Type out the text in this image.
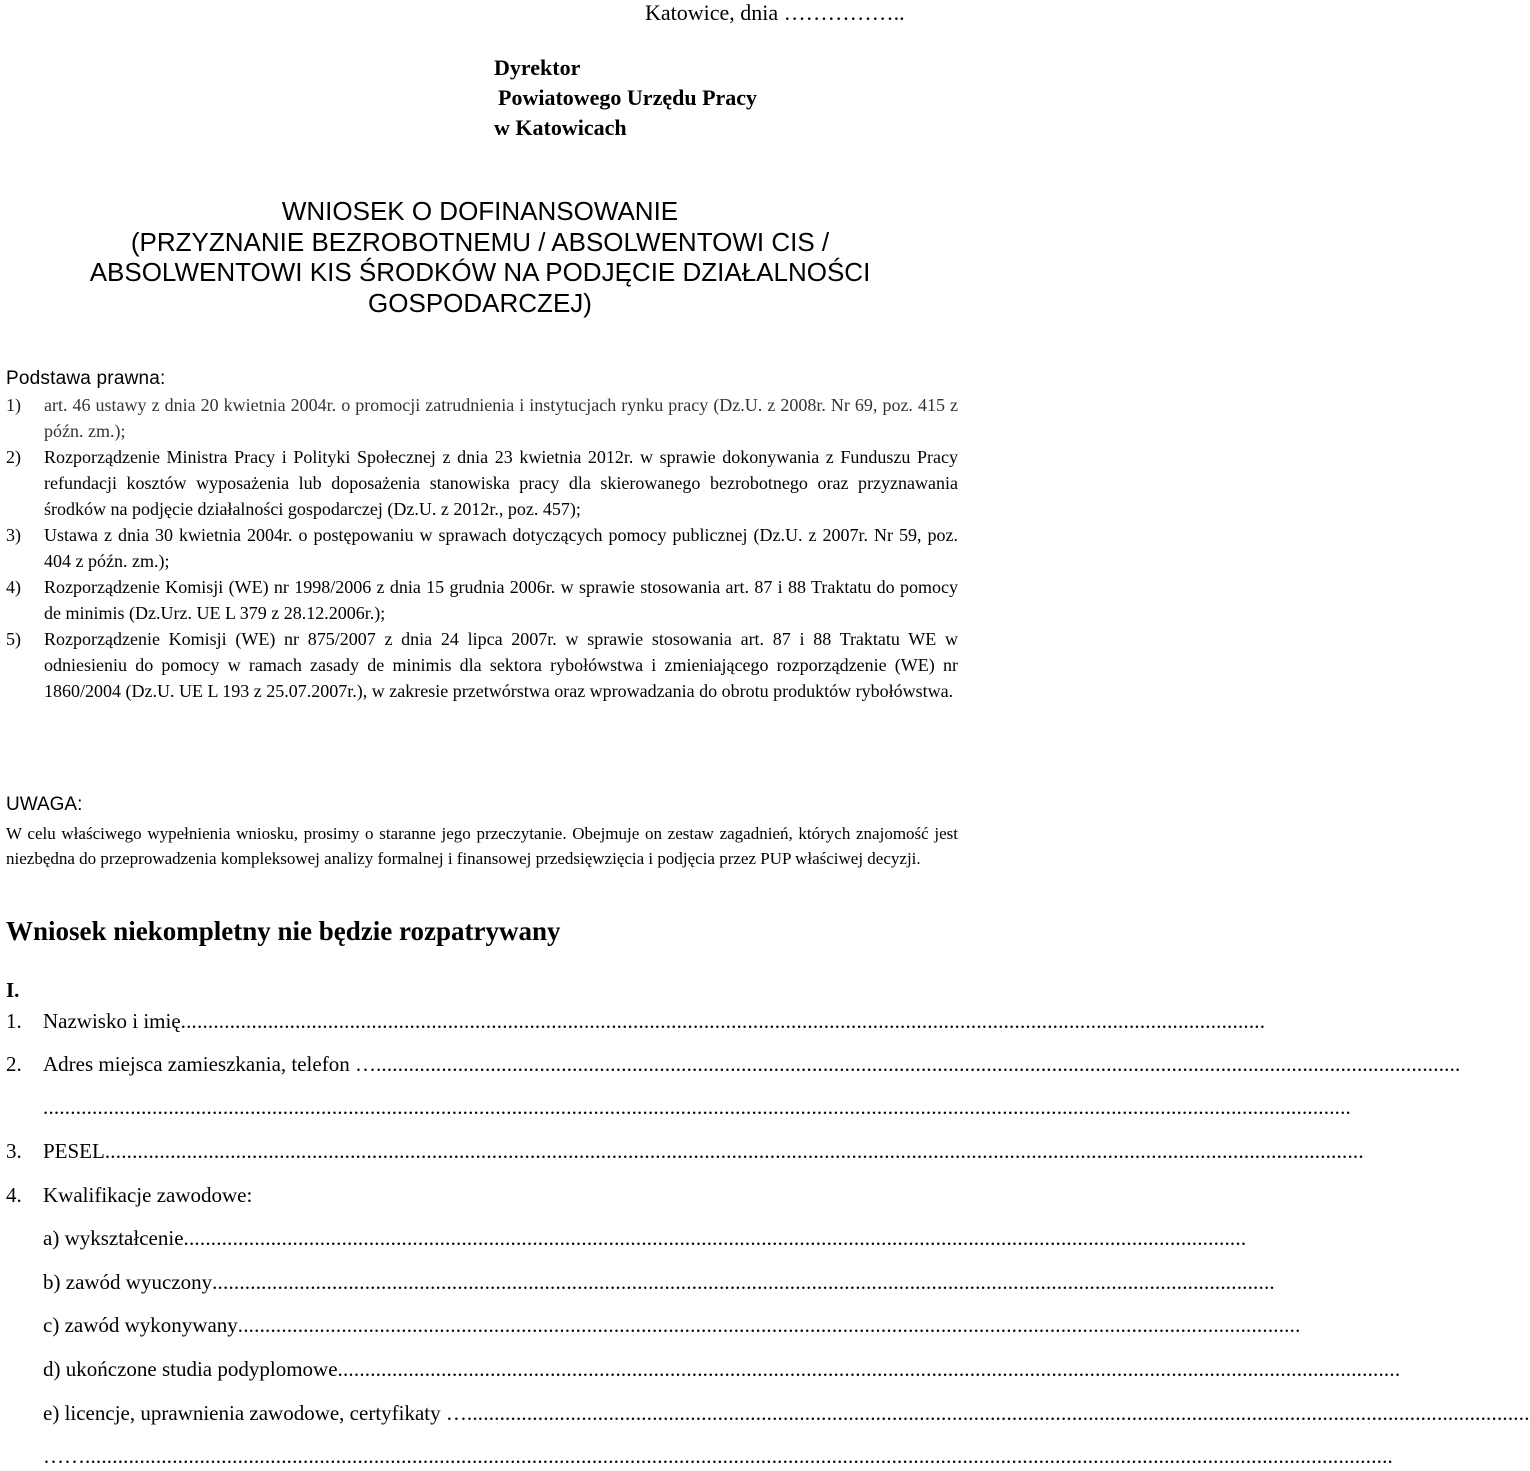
Katowice, dnia ……………..
Dyrektor
Powiatowego Urzędu Pracy
w Katowicach
WNIOSEK O DOFINANSOWANIE
(PRZYZNANIE BEZROBOTNEMU / ABSOLWENTOWI CIS /
ABSOLWENTOWI KIS ŚRODKÓW NA PODJĘCIE DZIAŁALNOŚCI
GOSPODARCZEJ)
Podstawa prawna:
1) art. 46 ustawy z dnia 20 kwietnia 2004r. o promocji zatrudnienia i instytucjach rynku pracy (Dz.U. z 2008r. Nr 69, poz. 415 z późn. zm.);
2) Rozporządzenie Ministra Pracy i Polityki Społecznej z dnia 23 kwietnia 2012r. w sprawie dokonywania z Funduszu Pracy refundacji kosztów wyposażenia lub doposażenia stanowiska pracy dla skierowanego bezrobotnego oraz przyznawania środków na podjęcie działalności gospodarczej (Dz.U. z 2012r., poz. 457);
3) Ustawa z dnia 30 kwietnia 2004r. o postępowaniu w sprawach dotyczących pomocy publicznej (Dz.U. z 2007r. Nr 59, poz. 404 z późn. zm.);
4) Rozporządzenie Komisji (WE) nr 1998/2006 z dnia 15 grudnia 2006r. w sprawie stosowania art. 87 i 88 Traktatu do pomocy de minimis (Dz.Urz. UE L 379 z 28.12.2006r.);
5) Rozporządzenie Komisji (WE) nr 875/2007 z dnia 24 lipca 2007r. w sprawie stosowania art. 87 i 88 Traktatu WE w odniesieniu do pomocy w ramach zasady de minimis dla sektora rybołówstwa i zmieniającego rozporządzenie (WE) nr 1860/2004 (Dz.U. UE L 193 z 25.07.2007r.), w zakresie przetwórstwa oraz wprowadzania do obrotu produktów rybołówstwa.
UWAGA:
W celu właściwego wypełnienia wniosku, prosimy o staranne jego przeczytanie. Obejmuje on zestaw zagadnień, których znajomość jest niezbędna do przeprowadzenia kompleksowej analizy formalnej i finansowej przedsięwzięcia i podjęcia przez PUP właściwej decyzji.
Wniosek niekompletny nie będzie rozpatrywany
I.
1.	Nazwisko i imię .......................................................................................................................................................................................................
2.	Adres miejsca zamieszkania, telefon … .......................................................................................................................................................................................................
................................................................................................................................................................................................................................................
3.	PESEL .......................................................................................................................................................................................................................................
4.	Kwalifikacje zawodowe:
a) wykształcenie ...................................................................................................................................................................................................
b) zawód wyuczony ...................................................................................................................................................................................................
c) zawód wykonywany ...................................................................................................................................................................................................
d) ukończone studia podyplomowe ...................................................................................................................................................................................................
e) licencje, uprawnienia zawodowe, certyfikaty … ...................................................................................................................................................................................................
…… ................................................................................................................................................................................................................................................
